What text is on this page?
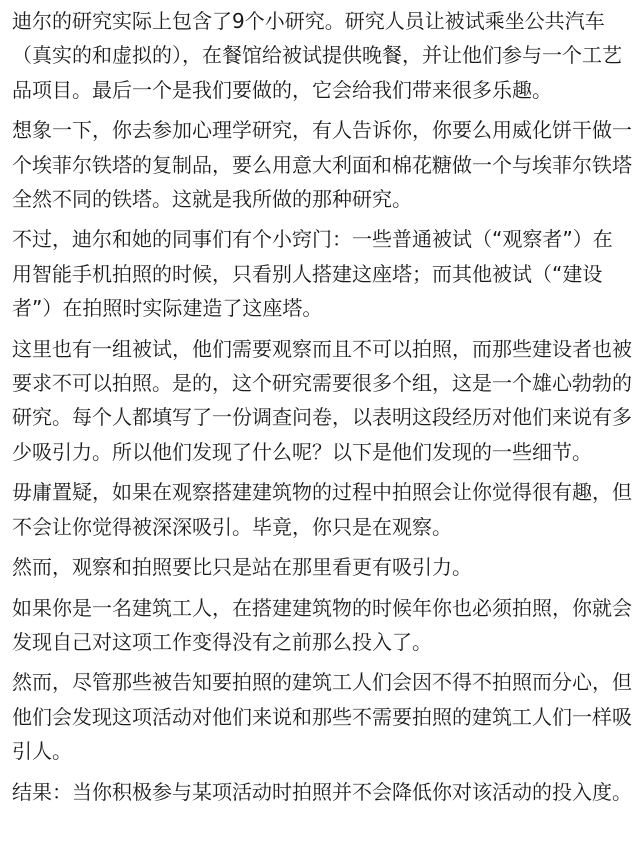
迪尔的研究实际上包含了9个小研究。研究人员让被试乘坐公共汽车（真实的和虚拟的），在餐馆给被试提供晚餐，并让他们参与一个工艺品项目。最后一个是我们要做的，它会给我们带来很多乐趣。

想象一下，你去参加心理学研究，有人告诉你，你要么用威化饼干做一个埃菲尔铁塔的复制品，要么用意大利面和棉花糖做一个与埃菲尔铁塔全然不同的铁塔。这就是我所做的那种研究。

不过，迪尔和她的同事们有个小窍门：一些普通被试（“观察者”）在用智能手机拍照的时候，只看别人搭建这座塔；而其他被试（“建设者”）在拍照时实际建造了这座塔。

这里也有一组被试，他们需要观察而且不可以拍照，而那些建设者也被要求不可以拍照。是的，这个研究需要很多个组，这是一个雄心勃勃的研究。每个人都填写了一份调查问卷，以表明这段经历对他们来说有多少吸引力。所以他们发现了什么呢？以下是他们发现的一些细节。

毋庸置疑，如果在观察搭建建筑物的过程中拍照会让你觉得很有趣，但不会让你觉得被深深吸引。毕竟，你只是在观察。

然而，观察和拍照要比只是站在那里看更有吸引力。

如果你是一名建筑工人，在搭建建筑物的时候年你也必须拍照，你就会发现自己对这项工作变得没有之前那么投入了。

然而，尽管那些被告知要拍照的建筑工人们会因不得不拍照而分心，但他们会发现这项活动对他们来说和那些不需要拍照的建筑工人们一样吸引人。

结果：当你积极参与某项活动时拍照并不会降低你对该活动的投入度。
